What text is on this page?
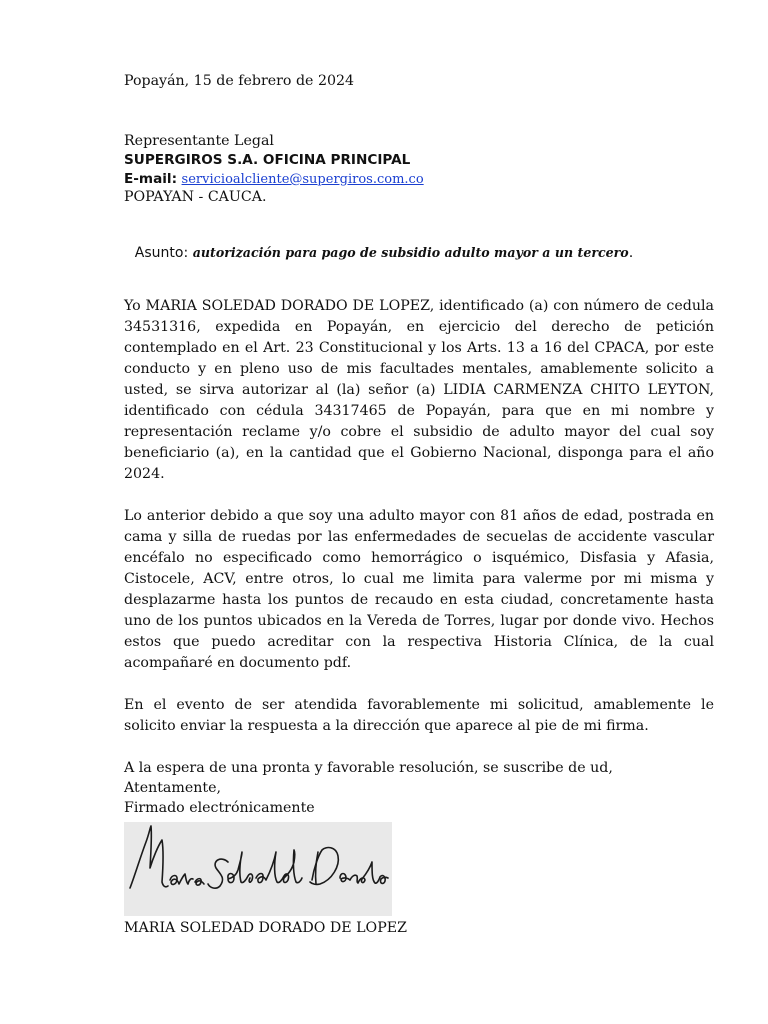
Popayán, 15 de febrero de 2024
Representante Legal
SUPERGIROS S.A. OFICINA PRINCIPAL
E-mail: servicioalcliente@supergiros.com.co
POPAYAN - CAUCA.
Asunto: autorización para pago de subsidio adulto mayor a un tercero.
Yo MARIA SOLEDAD DORADO DE LOPEZ, identificado (a) con número de cedula 34531316, expedida en Popayán, en ejercicio del derecho de petición contemplado en el Art. 23 Constitucional y los Arts. 13 a 16 del CPACA, por este conducto y en pleno uso de mis facultades mentales, amablemente solicito a usted, se sirva autorizar al (la) señor (a) LIDIA CARMENZA CHITO LEYTON, identificado con cédula 34317465 de Popayán, para que en mi nombre y representación reclame y/o cobre el subsidio de adulto mayor del cual soy beneficiario (a), en la cantidad que el Gobierno Nacional, disponga para el año 2024.
Lo anterior debido a que soy una adulto mayor con 81 años de edad, postrada en cama y silla de ruedas por las enfermedades de secuelas de accidente vascular encéfalo no especificado como hemorrágico o isquémico, Disfasia y Afasia, Cistocele, ACV, entre otros, lo cual me limita para valerme por mi misma y desplazarme hasta los puntos de recaudo en esta ciudad, concretamente hasta uno de los puntos ubicados en la Vereda de Torres, lugar por donde vivo. Hechos estos que puedo acreditar con la respectiva Historia Clínica, de la cual acompañaré en documento pdf.
En el evento de ser atendida favorablemente mi solicitud, amablemente le solicito enviar la respuesta a la dirección que aparece al pie de mi firma.
A la espera de una pronta y favorable resolución, se suscribe de ud,
Atentamente,
Firmado electrónicamente
MARIA SOLEDAD DORADO DE LOPEZ
